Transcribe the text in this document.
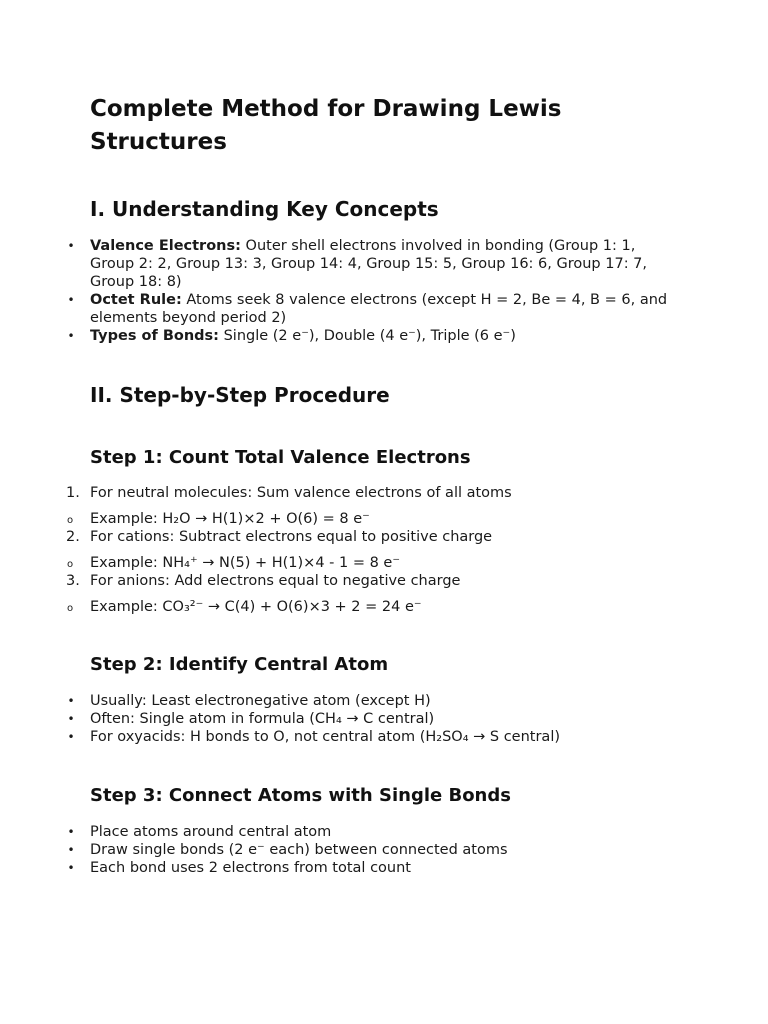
Complete Method for Drawing Lewis Structures
I. Understanding Key Concepts
• Valence Electrons: Outer shell electrons involved in bonding (Group 1: 1, Group 2: 2, Group 13: 3, Group 14: 4, Group 15: 5, Group 16: 6, Group 17: 7, Group 18: 8)
• Octet Rule: Atoms seek 8 valence electrons (except H = 2, Be = 4, B = 6, and elements beyond period 2)
• Types of Bonds: Single (2 e⁻), Double (4 e⁻), Triple (6 e⁻)
II. Step-by-Step Procedure
Step 1: Count Total Valence Electrons
1. For neutral molecules: Sum valence electrons of all atoms
o Example: H₂O → H(1)×2 + O(6) = 8 e⁻
2. For cations: Subtract electrons equal to positive charge
o Example: NH₄⁺ → N(5) + H(1)×4 - 1 = 8 e⁻
3. For anions: Add electrons equal to negative charge
o Example: CO₃²⁻ → C(4) + O(6)×3 + 2 = 24 e⁻
Step 2: Identify Central Atom
• Usually: Least electronegative atom (except H)
• Often: Single atom in formula (CH₄ → C central)
• For oxyacids: H bonds to O, not central atom (H₂SO₄ → S central)
Step 3: Connect Atoms with Single Bonds
• Place atoms around central atom
• Draw single bonds (2 e⁻ each) between connected atoms
• Each bond uses 2 electrons from total count
